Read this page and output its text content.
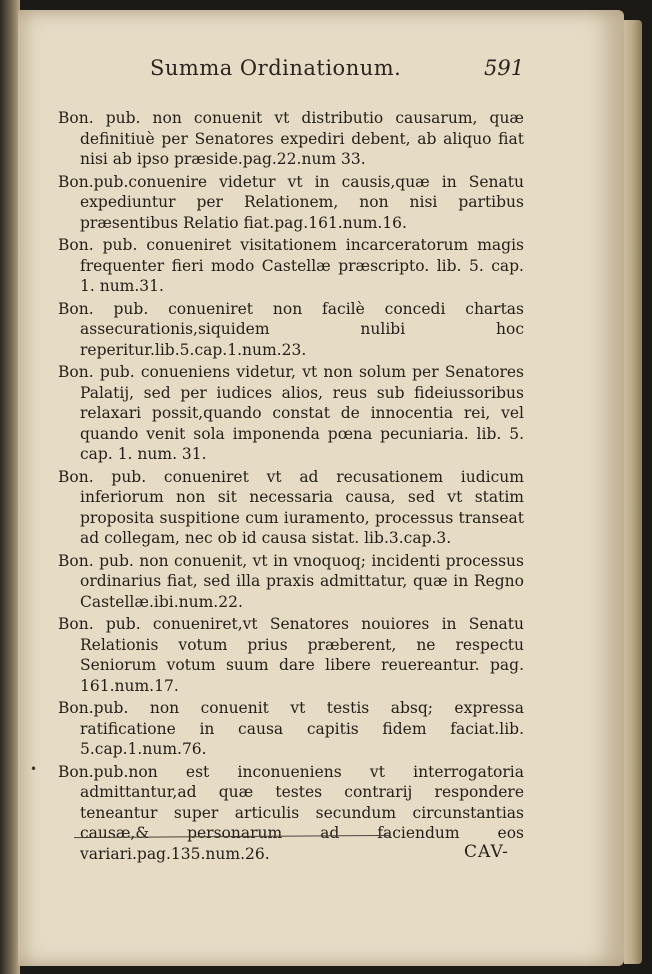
Summa Ordinationum.	591

Bon. pub. non conuenit vt distributio causarum, quæ definitiuè per Senatores expediri debent, ab aliquo fiat nisi ab ipso præside.pag.22.num 33.

Bon.pub.conuenire videtur vt in causis,quæ in Senatu expediuntur per Relationem, non nisi partibus præsentibus Relatio fiat.pag.161.num.16.

Bon. pub. conueniret visitationem incarceratorum magis frequenter fieri modo Castellæ præscripto. lib. 5. cap. 1. num.31.

Bon. pub. conueniret non facilè concedi chartas assecurationis,siquidem nulibi hoc reperitur.lib.5.cap.1.num.23.

Bon. pub. conueniens videtur, vt non solum per Senatores Palatij, sed per iudices alios, reus sub fideiussoribus relaxari possit,quando constat de innocentia rei, vel quando venit sola imponenda pœna pecuniaria. lib. 5. cap. 1. num. 31.

Bon. pub. conueniret vt ad recusationem iudicum inferiorum non sit necessaria causa, sed vt statim proposita suspitione cum iuramento, processus transeat ad collegam, nec ob id causa sistat. lib.3.cap.3.

Bon. pub. non conuenit, vt in vnoquoq; incidenti processus ordinarius fiat, sed illa praxis admittatur, quæ in Regno Castellæ.ibi.num.22.

Bon. pub. conueniret,vt Senatores nouiores in Senatu Relationis votum prius præberent, ne respectu Seniorum votum suum dare libere reuereantur. pag. 161.num.17.

Bon.pub. non conuenit vt testis absq; expressa ratificatione in causa capitis fidem faciat.lib. 5.cap.1.num.76.

Bon.pub.non est inconueniens vt interrogatoria admittantur,ad quæ testes contrarij respondere teneantur super articulis secundum circunstantias causæ,& personarum ad faciendum eos variari.pag.135.num.26.

•
CAV-
